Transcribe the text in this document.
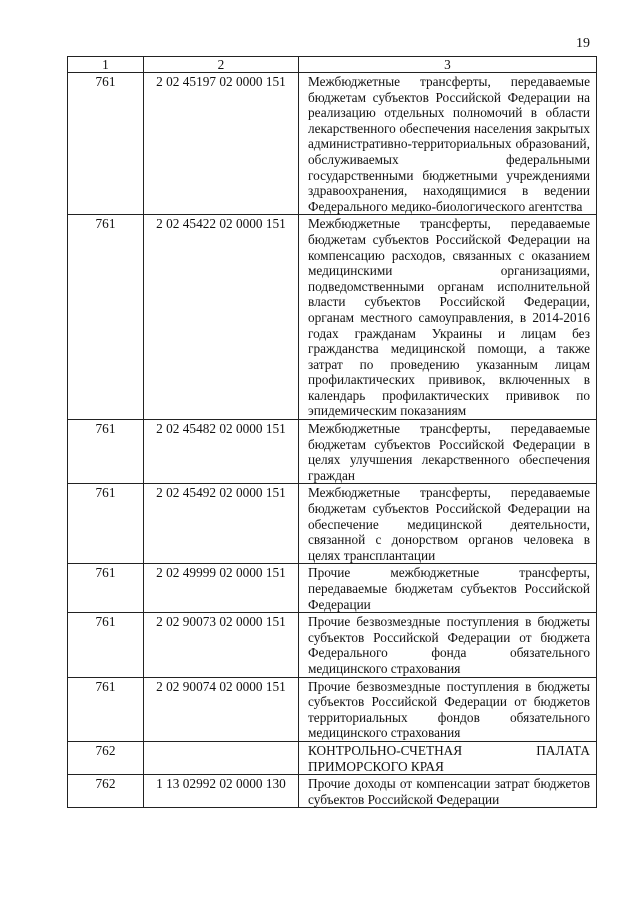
19
1	2	3
761	2 02 45197 02 0000 151	Межбюджетные трансферты, передаваемые бюджетам субъектов Российской Федерации на реализацию отдельных полномочий в области лекарственного обеспечения населения закрытых административно-территориальных образований, обслуживаемых федеральными государственными бюджетными учреждениями здравоохранения, находящимися в ведении Федерального медико-биологического агентства
761	2 02 45422 02 0000 151	Межбюджетные трансферты, передаваемые бюджетам субъектов Российской Федерации на компенсацию расходов, связанных с оказанием медицинскими организациями, подведомственными органам исполнительной власти субъектов Российской Федерации, органам местного самоуправления, в 2014-2016 годах гражданам Украины и лицам без гражданства медицинской помощи, а также затрат по проведению указанным лицам профилактических прививок, включенных в календарь профилактических прививок по эпидемическим показаниям
761	2 02 45482 02 0000 151	Межбюджетные трансферты, передаваемые бюджетам субъектов Российской Федерации в целях улучшения лекарственного обеспечения граждан
761	2 02 45492 02 0000 151	Межбюджетные трансферты, передаваемые бюджетам субъектов Российской Федерации на обеспечение медицинской деятельности, связанной с донорством органов человека в целях трансплантации
761	2 02 49999 02 0000 151	Прочие межбюджетные трансферты, передаваемые бюджетам субъектов Российской Федерации
761	2 02 90073 02 0000 151	Прочие безвозмездные поступления в бюджеты субъектов Российской Федерации от бюджета Федерального фонда обязательного медицинского страхования
761	2 02 90074 02 0000 151	Прочие безвозмездные поступления в бюджеты субъектов Российской Федерации от бюджетов территориальных фондов обязательного медицинского страхования
762		КОНТРОЛЬНО-СЧЕТНАЯ ПАЛАТА ПРИМОРСКОГО КРАЯ
762	1 13 02992 02 0000 130	Прочие доходы от компенсации затрат бюджетов субъектов Российской Федерации
